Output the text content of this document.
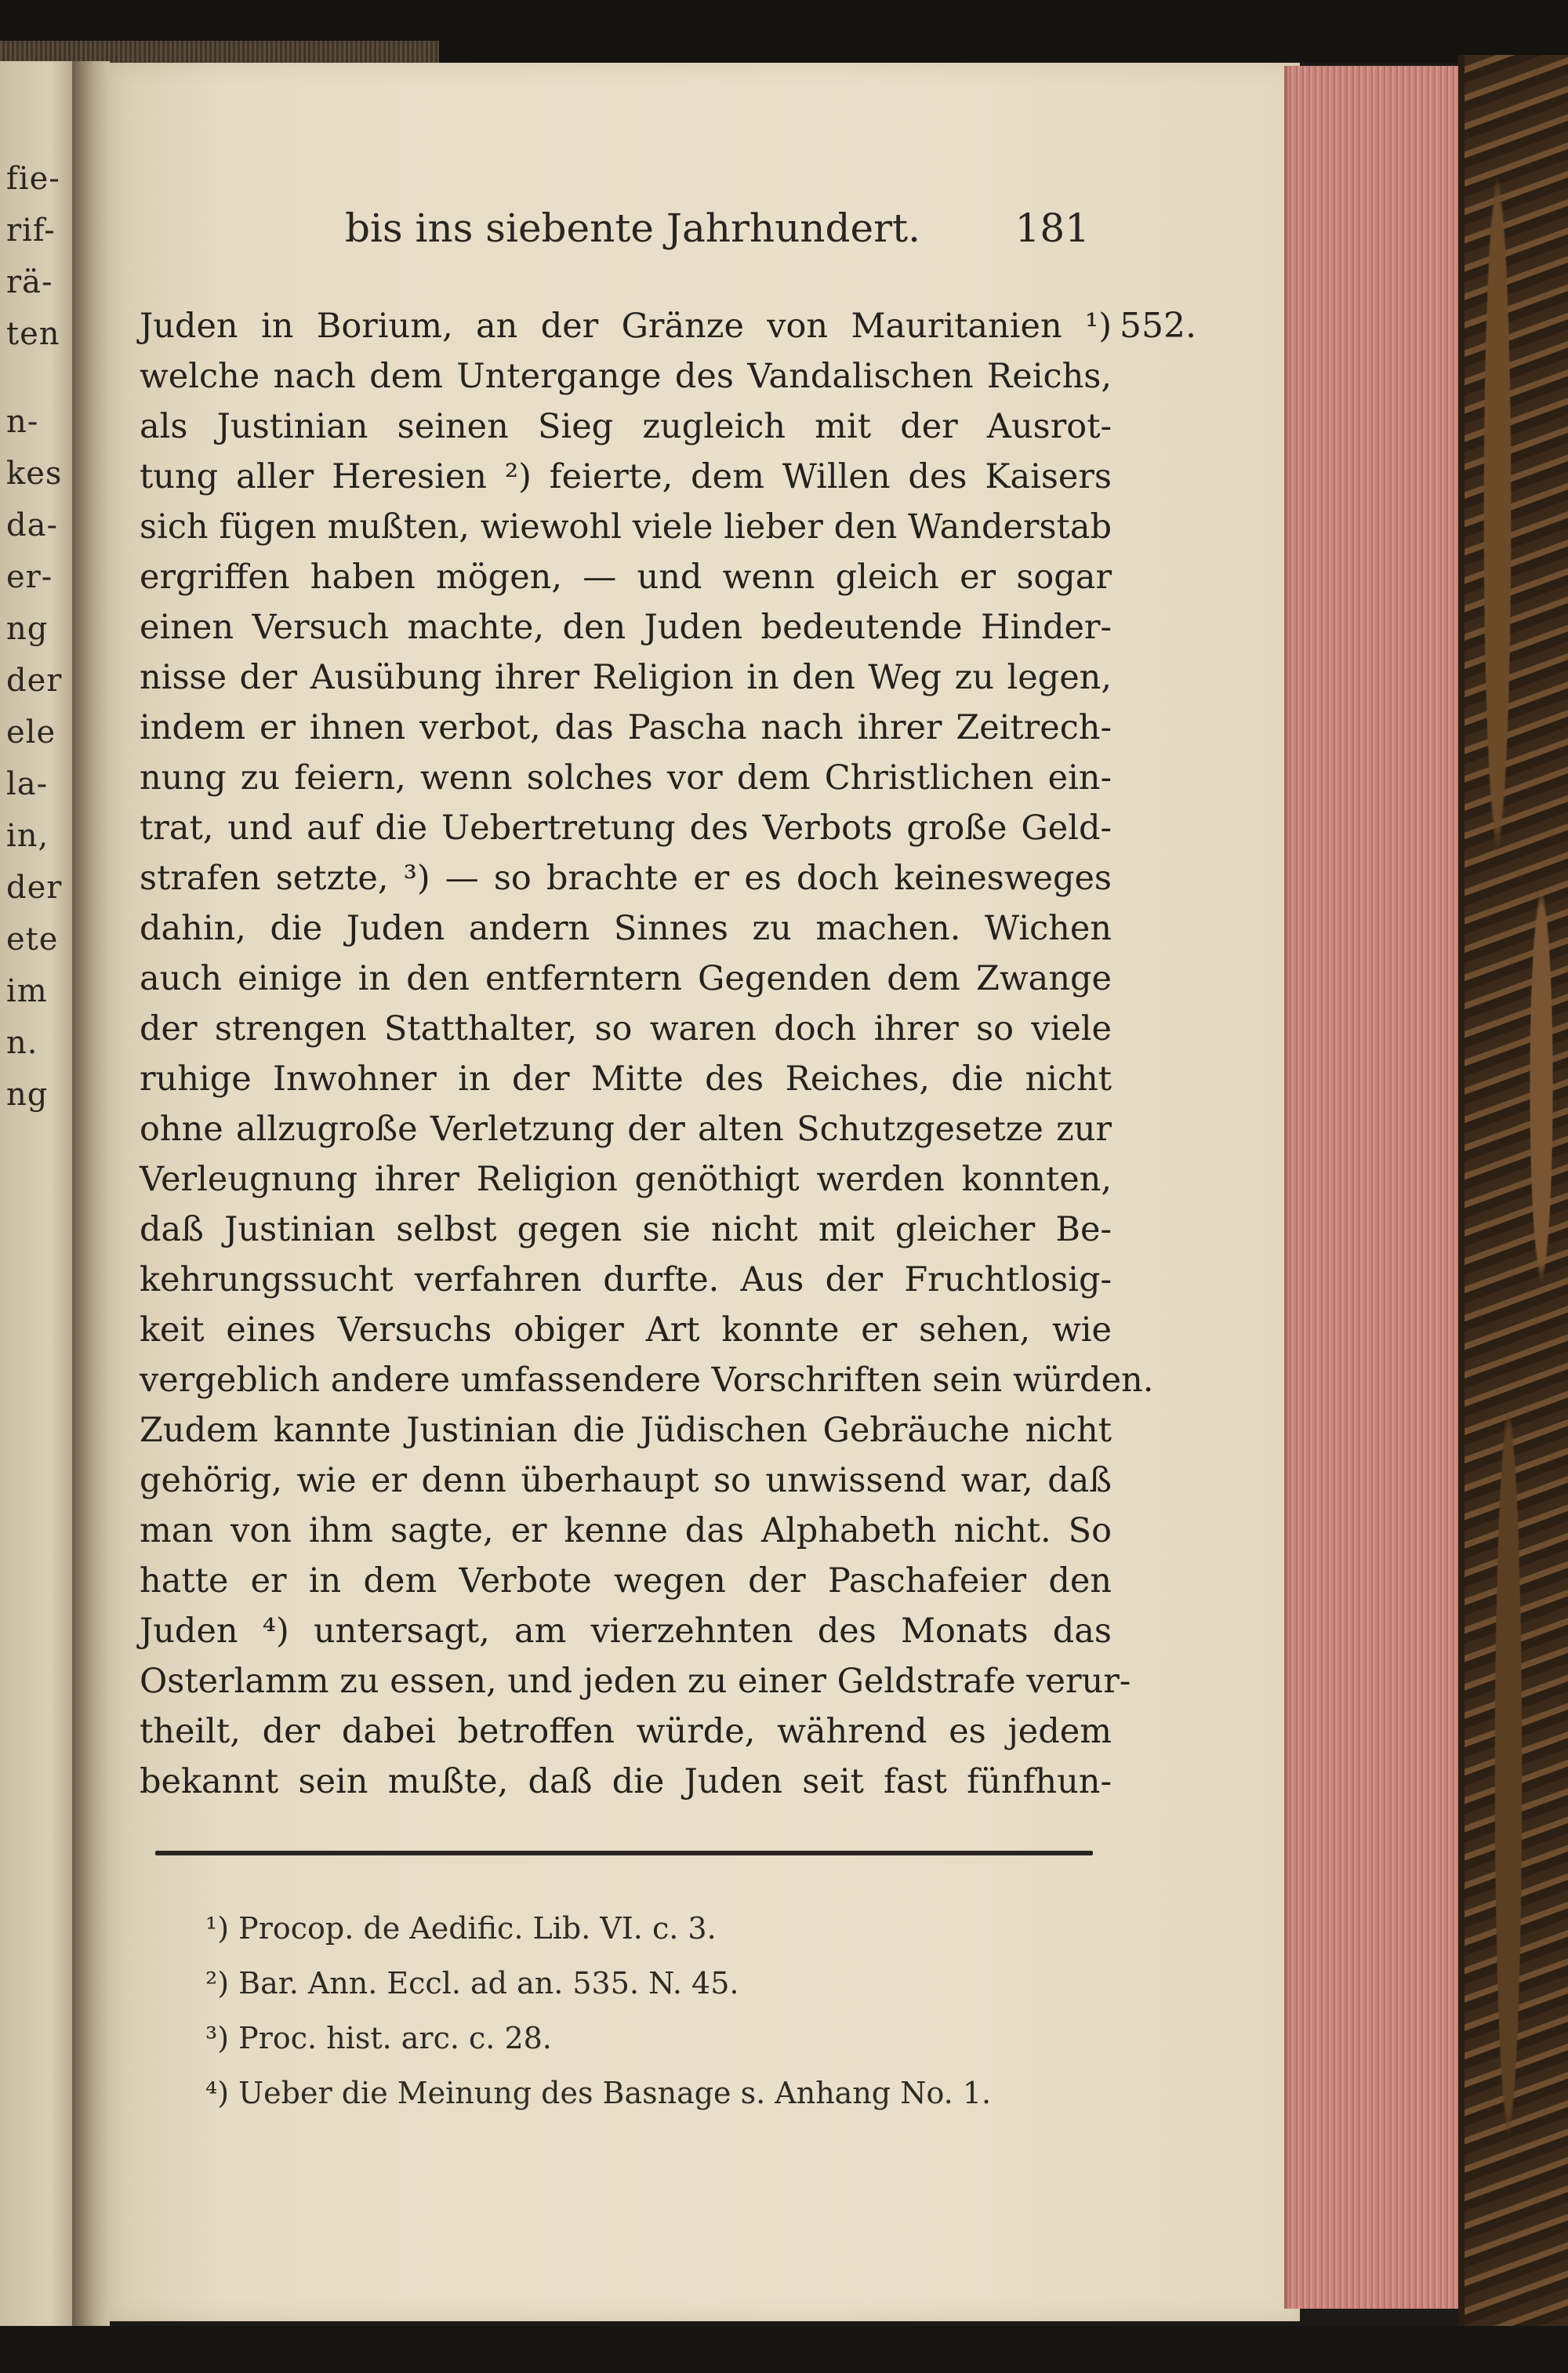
fie-
rif-
rä-
ten
n-
kes
da-
er-
ng
der
ele
la-
in,
der
ete
im
n.
ng
bis ins siebente Jahrhundert. 181
Juden in Borium, an der Gränze von Mauritanien ¹)
welche nach dem Untergange des Vandalischen Reichs,
als Justinian seinen Sieg zugleich mit der Ausrot-
tung aller Heresien ²) feierte, dem Willen des Kaisers
sich fügen mußten, wiewohl viele lieber den Wanderstab
ergriffen haben mögen, — und wenn gleich er sogar
einen Versuch machte, den Juden bedeutende Hinder-
nisse der Ausübung ihrer Religion in den Weg zu legen,
indem er ihnen verbot, das Pascha nach ihrer Zeitrech-
nung zu feiern, wenn solches vor dem Christlichen ein-
trat, und auf die Uebertretung des Verbots große Geld-
strafen setzte, ³) — so brachte er es doch keinesweges
dahin, die Juden andern Sinnes zu machen. Wichen
auch einige in den entferntern Gegenden dem Zwange
der strengen Statthalter, so waren doch ihrer so viele
ruhige Inwohner in der Mitte des Reiches, die nicht
ohne allzugroße Verletzung der alten Schutzgesetze zur
Verleugnung ihrer Religion genöthigt werden konnten,
daß Justinian selbst gegen sie nicht mit gleicher Be-
kehrungssucht verfahren durfte. Aus der Fruchtlosig-
keit eines Versuchs obiger Art konnte er sehen, wie
vergeblich andere umfassendere Vorschriften sein würden.
Zudem kannte Justinian die Jüdischen Gebräuche nicht
gehörig, wie er denn überhaupt so unwissend war, daß
man von ihm sagte, er kenne das Alphabeth nicht. So
hatte er in dem Verbote wegen der Paschafeier den
Juden ⁴) untersagt, am vierzehnten des Monats das
Osterlamm zu essen, und jeden zu einer Geldstrafe verur-
theilt, der dabei betroffen würde, während es jedem
bekannt sein mußte, daß die Juden seit fast fünfhun-
552.
¹) Procop. de Aedific. Lib. VI. c. 3.
²) Bar. Ann. Eccl. ad an. 535. N. 45.
³) Proc. hist. arc. c. 28.
⁴) Ueber die Meinung des Basnage s. Anhang No. 1.
